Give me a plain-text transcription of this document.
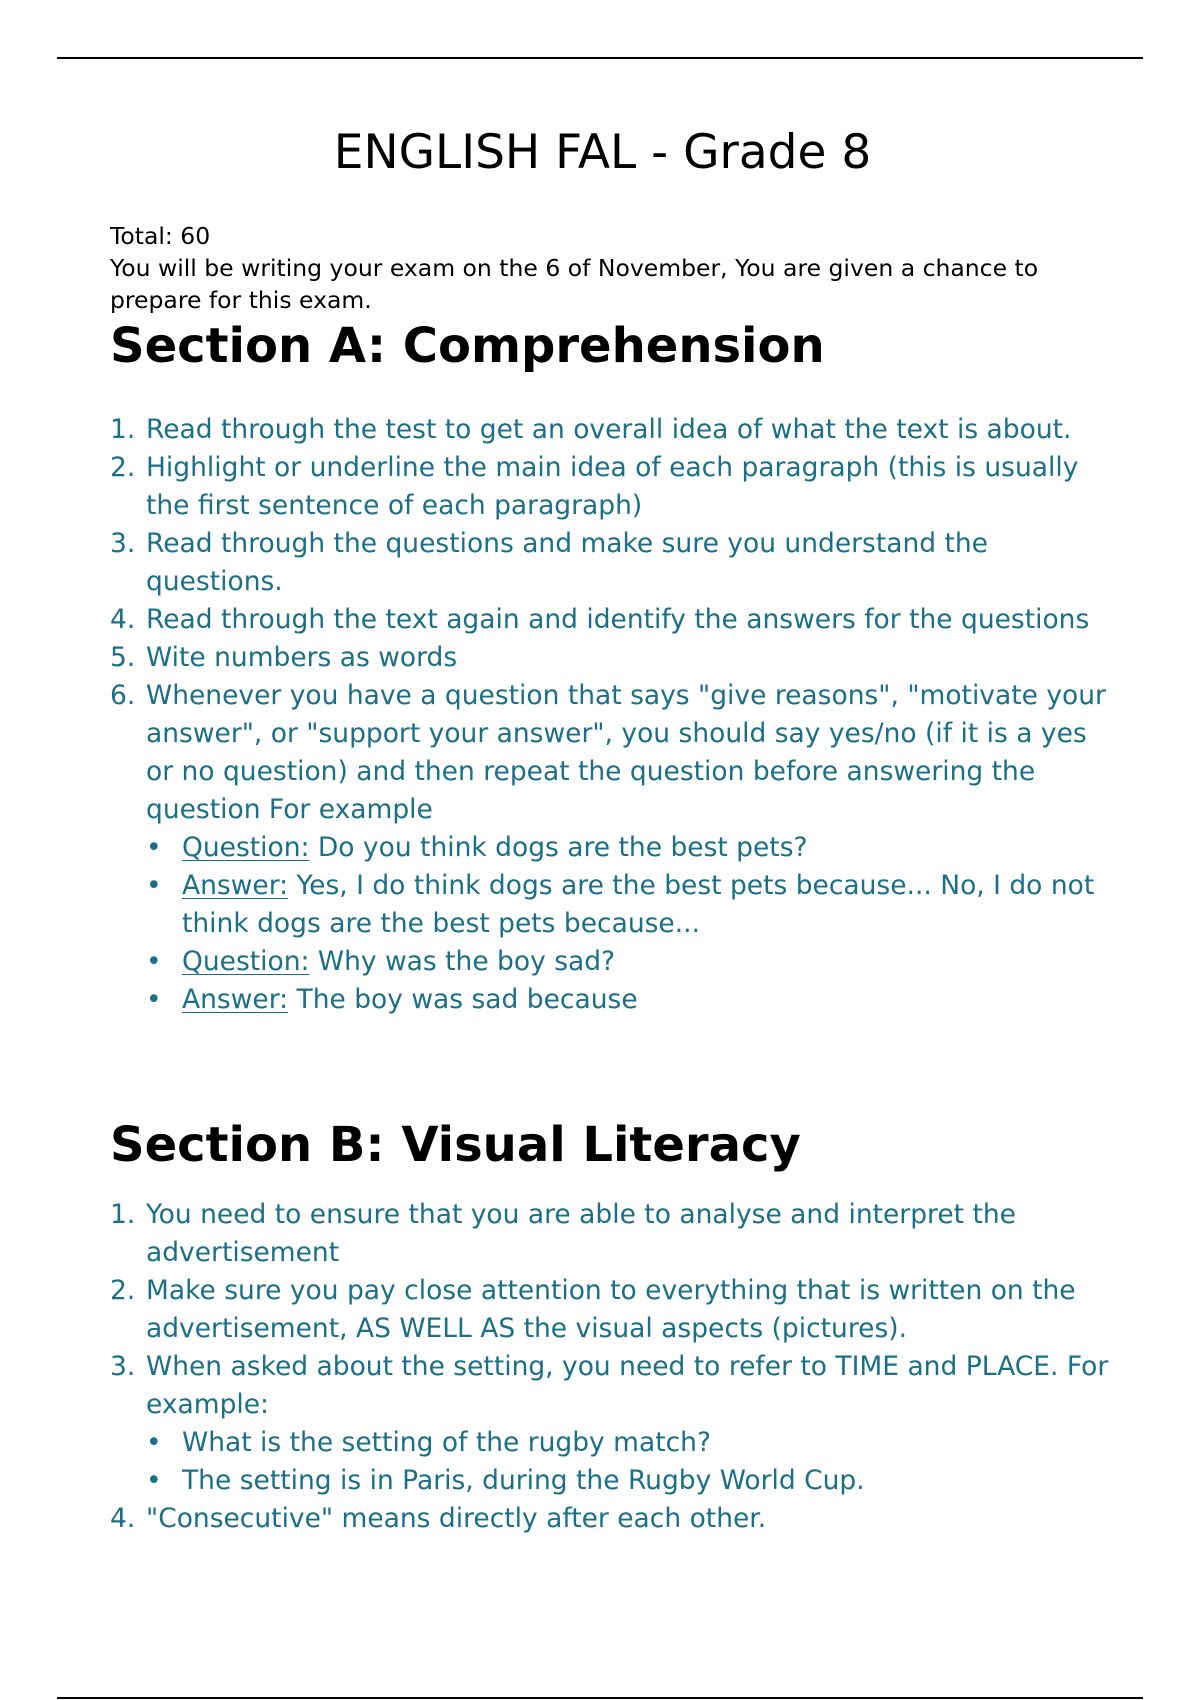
ENGLISH FAL - Grade 8

Total: 60

You will be writing your exam on the 6 of November, You are given a chance to prepare for this exam.

Section A: Comprehension
1. Read through the test to get an overall idea of what the text is about.
2. Highlight or underline the main idea of each paragraph (this is usually the first sentence of each paragraph)
3. Read through the questions and make sure you understand the questions.
4. Read through the text again and identify the answers for the questions
5. Wite numbers as words
6. Whenever you have a question that says "give reasons", "motivate your answer", or "support your answer", you should say yes/no (if it is a yes or no question) and then repeat the question before answering the question For example
• Question: Do you think dogs are the best pets?
• Answer: Yes, I do think dogs are the best pets because... No, I do not think dogs are the best pets because...
• Question: Why was the boy sad?
• Answer: The boy was sad because
Section B: Visual Literacy
1. You need to ensure that you are able to analyse and interpret the advertisement
2. Make sure you pay close attention to everything that is written on the advertisement, AS WELL AS the visual aspects (pictures).
3. When asked about the setting, you need to refer to TIME and PLACE. For example:
• What is the setting of the rugby match?
• The setting is in Paris, during the Rugby World Cup.
4. "Consecutive" means directly after each other.
